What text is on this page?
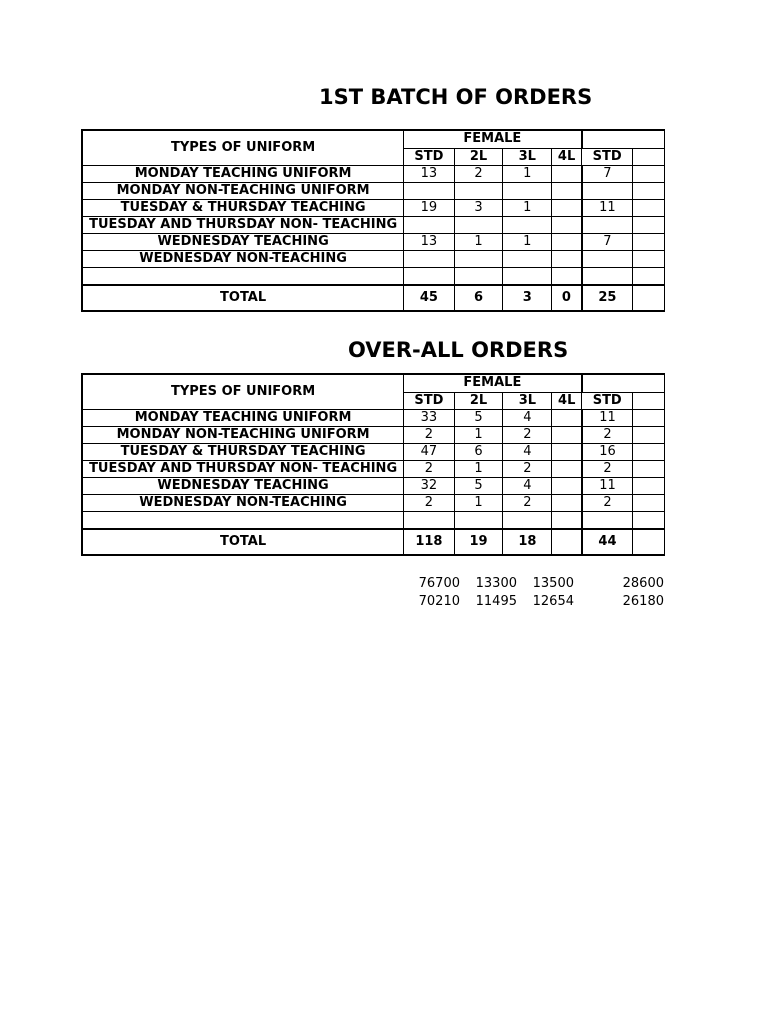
1ST BATCH OF ORDERS
TYPES OF UNIFORM	FEMALE					
	STD	2L	3L	4L	STD	
MONDAY TEACHING UNIFORM	13	2	1		7	
MONDAY NON-TEACHING UNIFORM						
TUESDAY & THURSDAY TEACHING	19	3	1		11	
TUESDAY AND THURSDAY NON- TEACHING						
WEDNESDAY TEACHING	13	1	1		7	
WEDNESDAY NON-TEACHING						

TOTAL	45	6	3	0	25	
OVER-ALL ORDERS
TYPES OF UNIFORM	FEMALE					
	STD	2L	3L	4L	STD	
MONDAY TEACHING UNIFORM	33	5	4		11	
MONDAY NON-TEACHING UNIFORM	2	1	2		2	
TUESDAY & THURSDAY TEACHING	47	6	4		16	
TUESDAY AND THURSDAY NON- TEACHING	2	1	2		2	
WEDNESDAY TEACHING	32	5	4		11	
WEDNESDAY NON-TEACHING	2	1	2		2	

TOTAL	118	19	18		44	
76700 13300 13500	28600
70210 11495 12654	26180
